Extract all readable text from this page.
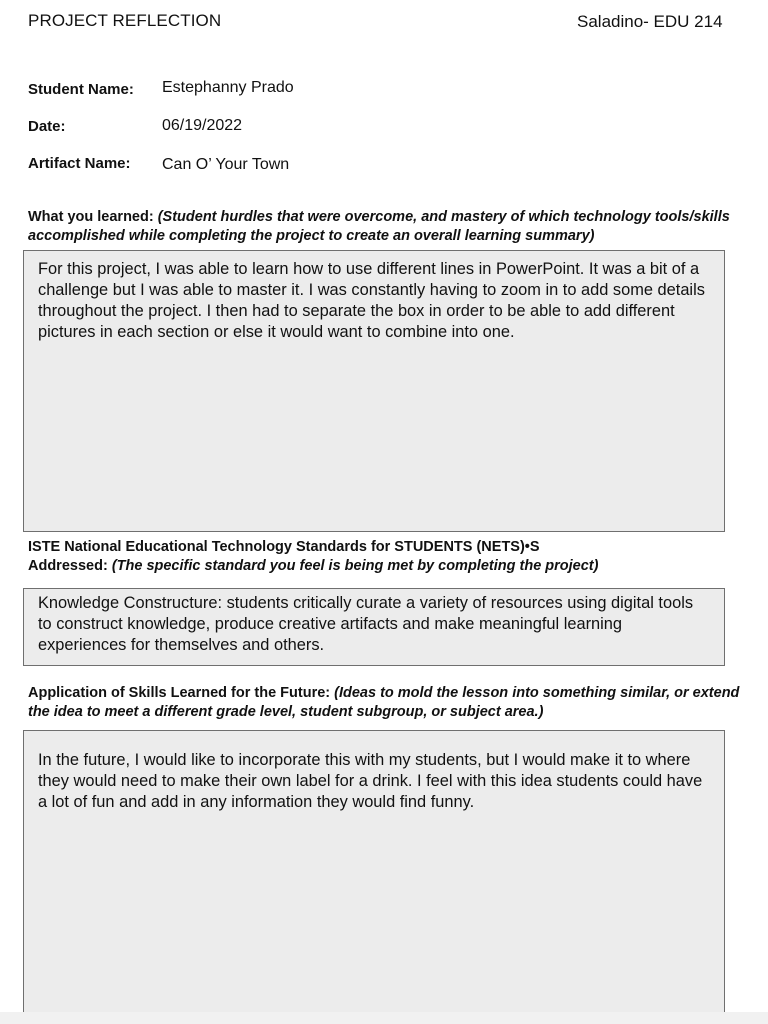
PROJECT REFLECTION	Saladino- EDU 214
Student Name: Estephanny Prado
Date:	06/19/2022
Artifact Name: Can O’ Your Town
What you learned: (Student hurdles that were overcome, and mastery of which technology tools/skills accomplished while completing the project to create an overall learning summary)
For this project, I was able to learn how to use different lines in PowerPoint. It was a bit of a challenge but I was able to master it. I was constantly having to zoom in to add some details throughout the project. I then had to separate the box in order to be able to add different pictures in each section or else it would want to combine into one.
ISTE National Educational Technology Standards for STUDENTS (NETS)•S
Addressed: (The specific standard you feel is being met by completing the project)
Knowledge Constructure: students critically curate a variety of resources using digital tools to construct knowledge, produce creative artifacts and make meaningful learning experiences for themselves and others.
Application of Skills Learned for the Future: (Ideas to mold the lesson into something similar, or extend the idea to meet a different grade level, student subgroup, or subject area.)
In the future, I would like to incorporate this with my students, but I would make it to where they would need to make their own label for a drink. I feel with this idea students could have a lot of fun and add in any information they would find funny.
